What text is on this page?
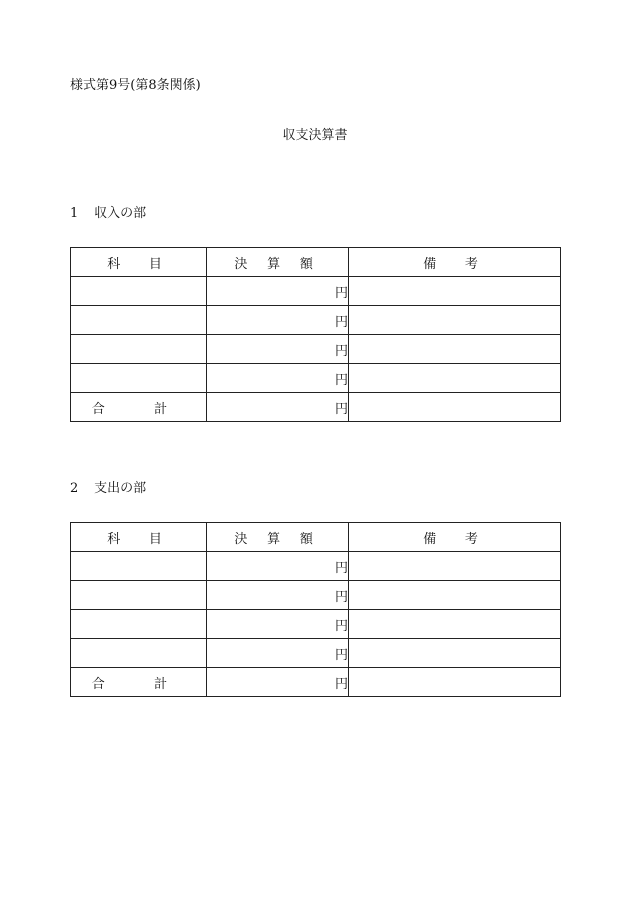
様式第9号(第8条関係)
収支決算書
1 収入の部
科　目	決 算 額	備　考
	円	
	円	
	円	
	円	
合　計	円	
2 支出の部
科　目	決 算 額	備　考
	円	
	円	
	円	
	円	
合　計	円	
